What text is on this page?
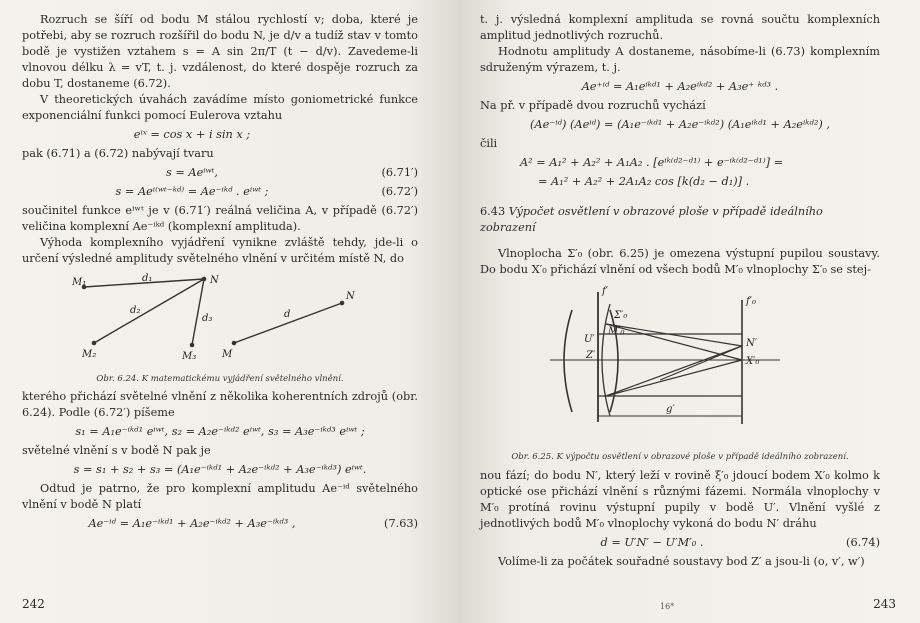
Rozruch se šíří od bodu M stálou rychlostí v; doba, které je potřebi, aby se rozruch rozšířil do bodu N, je d/v a tudíž stav v tomto bodě je vystižen vztahem s = A sin 2π/T (t − d/v). Zavedeme-li vlnovou délku λ = vT, t. j. vzdálenost, do které dospěje rozruch za dobu T, dostaneme (6.72).

V theoretických úvahách zavádíme místo goniometrické funkce exponenciální funkci pomocí Eulerova vztahu

eⁱˣ = cos x + i sin x ;

pak (6.71) a (6.72) nabývají tvaru

s = Aeⁱʷᵗ,	(6.71′)
s = Aeⁱ⁽ʷᵗ⁻ᵏᵈ⁾ = Ae⁻ⁱᵏᵈ . eⁱʷᵗ ;	(6.72′)

součinitel funkce eⁱʷᵗ je v (6.71′) reálná veličina A, v případě (6.72′) veličina komplexní Ae⁻ⁱᵏᵈ (komplexní amplituda).

Výhoda komplexního vyjádření vynikne zvláště tehdy, jde-li o určení výsledné amplitudy světelného vlnění v určitém místě N, do

M₁	N
d₁
d₂
d₃
M₂	M₃	M
d
N
Obr. 6.24. K matematickému vyjádření světelného vlnění.

kterého přichází světelné vlnění z několika koherentních zdrojů (obr. 6.24). Podle (6.72′) píšeme

s₁ = A₁e⁻ⁱᵏᵈ¹ eⁱʷᵗ, s₂ = A₂e⁻ⁱᵏᵈ² eⁱʷᵗ, s₃ = A₃e⁻ⁱᵏᵈ³ eⁱʷᵗ ;

světelné vlnění s v bodě N pak je

s = s₁ + s₂ + s₃ = (A₁e⁻ⁱᵏᵈ¹ + A₂e⁻ⁱᵏᵈ² + A₃e⁻ⁱᵏᵈ³) eⁱʷᵗ.

Odtud je patrno, že pro komplexní amplitudu Ae⁻ⁱᵈ světelného vlnění v bodě N platí

Ae⁻ⁱᵈ = A₁e⁻ⁱᵏᵈ¹ + A₂e⁻ⁱᵏᵈ² + A₃e⁻ⁱᵏᵈ³ ,	(7.63)
242

t. j. výsledná komplexní amplituda se rovná součtu komplexních amplitud jednotlivých rozruchů.

Hodnotu amplitudy A dostaneme, násobíme-li (6.73) komplexním sdruženým výrazem, t. j.

Ae⁺ⁱᵈ = A₁eⁱᵏᵈ¹ + A₂eⁱᵏᵈ² + A₃e⁺ ᵏᵈ³ .

Na př. v případě dvou rozruchů vychází

(Ae⁻ⁱᵈ) (Aeⁱᵈ) = (A₁e⁻ⁱᵏᵈ¹ + A₂e⁻ⁱᵏᵈ²) (A₁eⁱᵏᵈ¹ + A₂eⁱᵏᵈ²) ,

čili

A² = A₁² + A₂² + A₁A₂ . [eⁱᵏ⁽ᵈ²⁻ᵈ¹⁾ + e⁻ⁱᵏ⁽ᵈ²⁻ᵈ¹⁾] =
= A₁² + A₂² + 2A₁A₂ cos [k(d₂ − d₁)] .
6.43 Výpočet osvětlení v obrazové ploše v případě ideálního zobrazení

Vlnoplocha Σ′₀ (obr. 6.25) je omezena výstupní pupilou soustavy. Do bodu X′₀ přichází vlnění od všech bodů M′₀ vlnoplochy Σ′₀ se stej-

f′
f′₀
Σ′₀
M′₀
U′
Z′
N′
X′₀
g′
Obr. 6.25. K výpočtu osvětlení v obrazové ploše v případě ideálního zobrazení.

nou fází; do bodu N′, který leží v rovině ξ′₀ jdoucí bodem X′₀ kolmo k optické ose přichází vlnění s různými fázemi. Normála vlnoplochy v M′₀ protíná rovinu výstupní pupily v bodě U′. Vlnění vyšlé z jednotlivých bodů M′₀ vlnoplochy vykoná do bodu N′ dráhu

d = U′N′ − U′M′₀ .	(6.74)

Volíme-li za počátek souřadné soustavy bod Z′ a jsou-li (o, v′, w′)

16*	243
